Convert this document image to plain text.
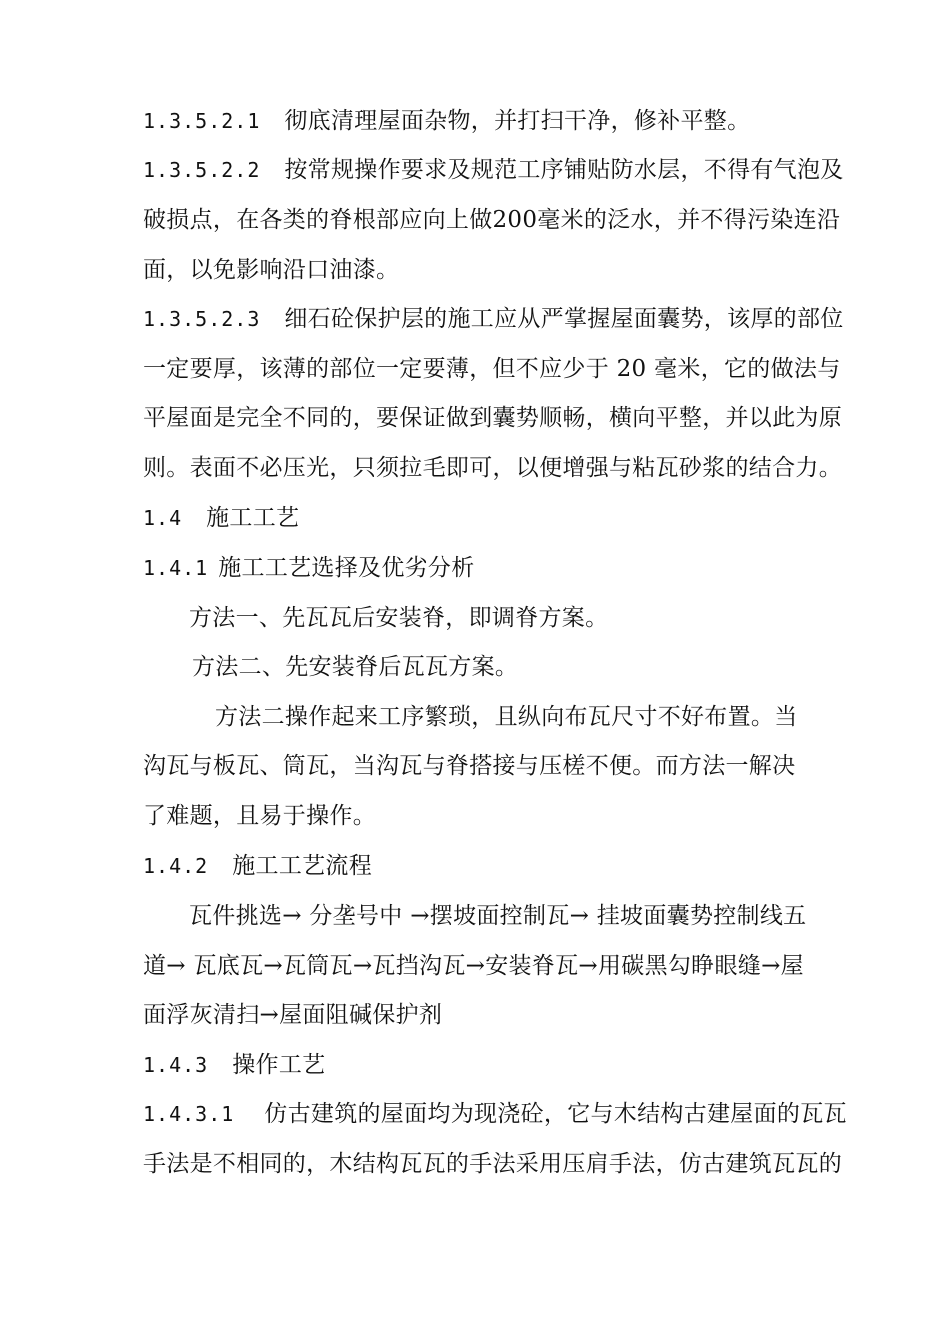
1.3.5.2.1 彻底清理屋面杂物，并打扫干净，修补平整。
1.3.5.2.2 按常规操作要求及规范工序铺贴防水层，不得有气泡及
破损点，在各类的脊根部应向上做200毫米的泛水，并不得污染连沿
面，以免影响沿口油漆。
1.3.5.2.3 细石砼保护层的施工应从严掌握屋面囊势，该厚的部位
一定要厚，该薄的部位一定要薄，但不应少于 20 毫米，它的做法与
平屋面是完全不同的，要保证做到囊势顺畅，横向平整，并以此为原
则。表面不必压光，只须拉毛即可，以便增强与粘瓦砂浆的结合力。
1.4 施工工艺
1.4.1 施工工艺选择及优劣分析
方法一、先瓦瓦后安装脊，即调脊方案。
方法二、先安装脊后瓦瓦方案。
方法二操作起来工序繁琐，且纵向布瓦尺寸不好布置。当
沟瓦与板瓦、筒瓦，当沟瓦与脊搭接与压槎不便。而方法一解决
了难题，且易于操作。
1.4.2 施工工艺流程
瓦件挑选→ 分垄号中 →摆坡面控制瓦→ 挂坡面囊势控制线五
道→ 瓦底瓦→瓦筒瓦→瓦挡沟瓦→安装脊瓦→用碳黑勾睁眼缝→屋
面浮灰清扫→屋面阻碱保护剂
1.4.3 操作工艺
1.4.3.1 仿古建筑的屋面均为现浇砼，它与木结构古建屋面的瓦瓦
手法是不相同的，木结构瓦瓦的手法采用压肩手法，仿古建筑瓦瓦的
